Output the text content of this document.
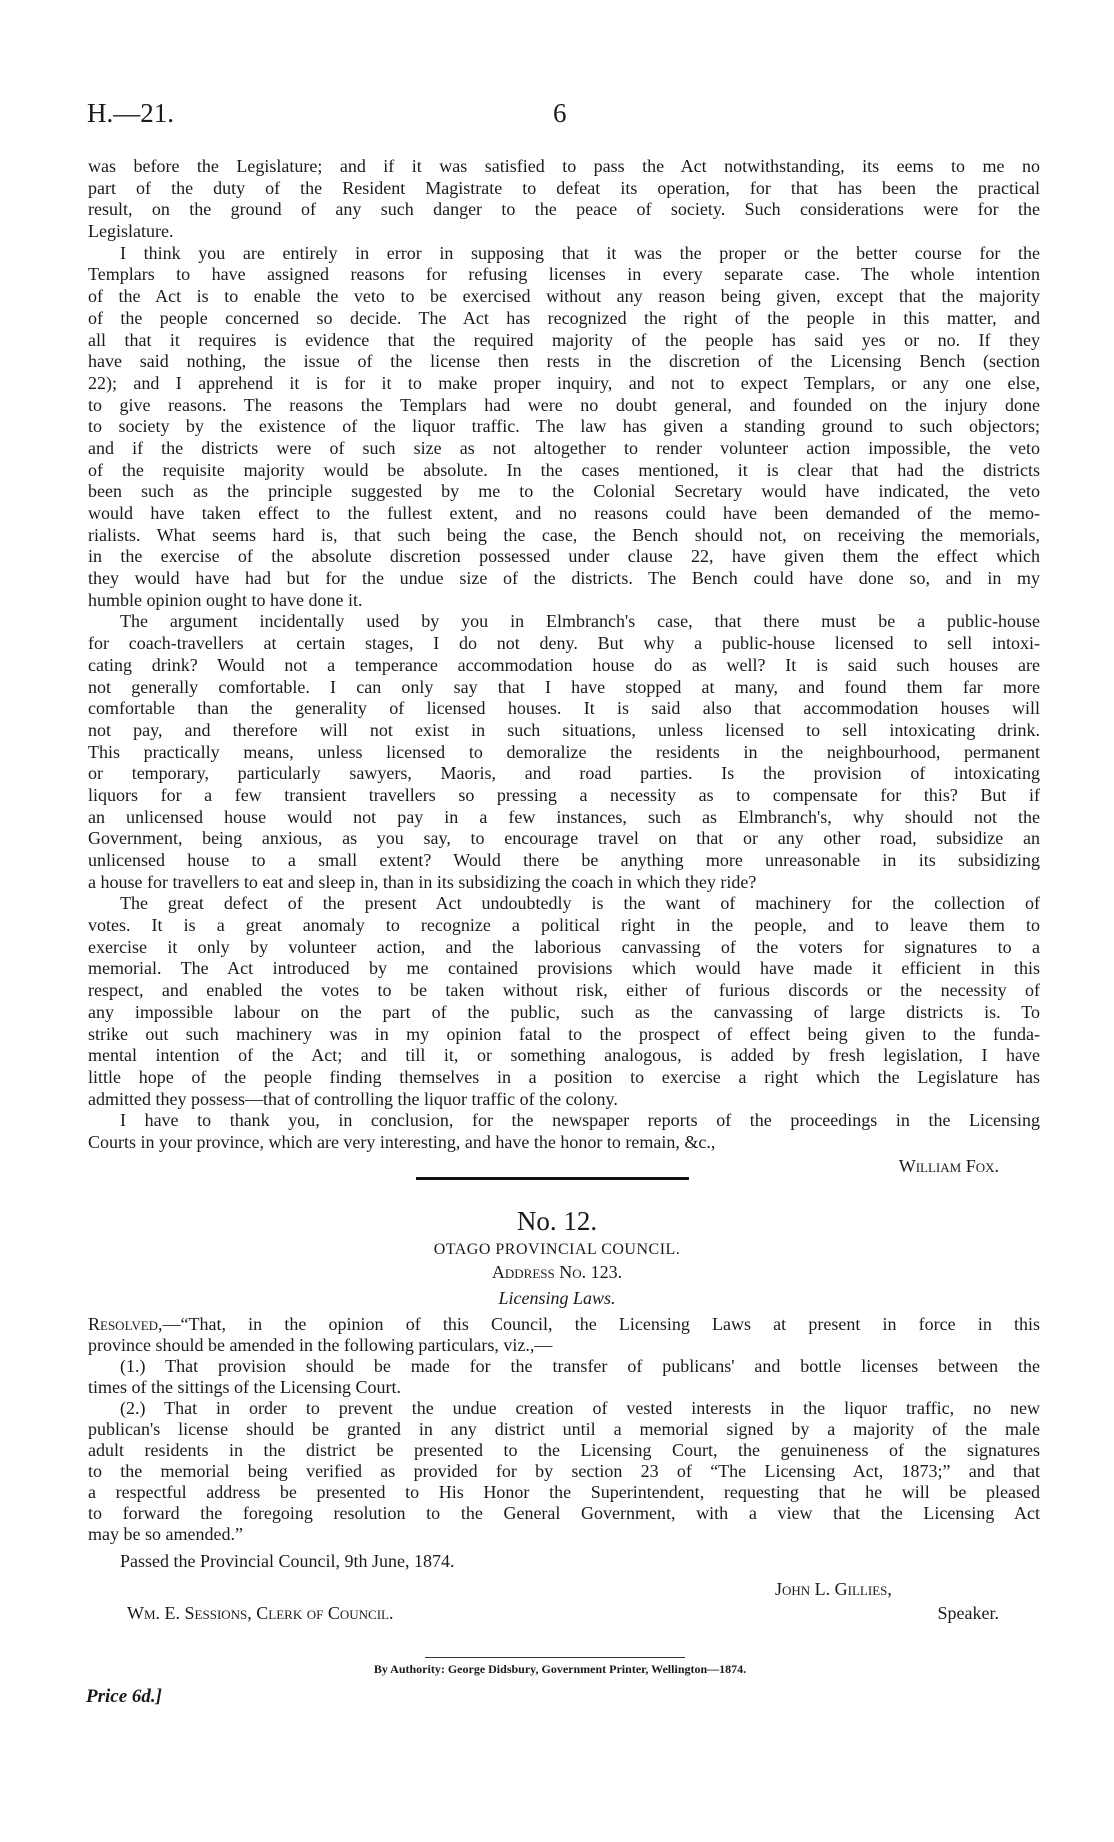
H.—21.	6
was before the Legislature; and if it was satisfied to pass the Act notwithstanding, its eems to me no
part of the duty of the Resident Magistrate to defeat its operation, for that has been the practical
result, on the ground of any such danger to the peace of society. Such considerations were for the
Legislature.
I think you are entirely in error in supposing that it was the proper or the better course for the
Templars to have assigned reasons for refusing licenses in every separate case. The whole intention
of the Act is to enable the veto to be exercised without any reason being given, except that the majority
of the people concerned so decide. The Act has recognized the right of the people in this matter, and
all that it requires is evidence that the required majority of the people has said yes or no. If they
have said nothing, the issue of the license then rests in the discretion of the Licensing Bench (section
22); and I apprehend it is for it to make proper inquiry, and not to expect Templars, or any one else,
to give reasons. The reasons the Templars had were no doubt general, and founded on the injury done
to society by the existence of the liquor traffic. The law has given a standing ground to such objectors;
and if the districts were of such size as not altogether to render volunteer action impossible, the veto
of the requisite majority would be absolute. In the cases mentioned, it is clear that had the districts
been such as the principle suggested by me to the Colonial Secretary would have indicated, the veto
would have taken effect to the fullest extent, and no reasons could have been demanded of the memo-
rialists. What seems hard is, that such being the case, the Bench should not, on receiving the memorials,
in the exercise of the absolute discretion possessed under clause 22, have given them the effect which
they would have had but for the undue size of the districts. The Bench could have done so, and in my
humble opinion ought to have done it.
The argument incidentally used by you in Elmbranch's case, that there must be a public-house
for coach-travellers at certain stages, I do not deny. But why a public-house licensed to sell intoxi-
cating drink? Would not a temperance accommodation house do as well? It is said such houses are
not generally comfortable. I can only say that I have stopped at many, and found them far more
comfortable than the generality of licensed houses. It is said also that accommodation houses will
not pay, and therefore will not exist in such situations, unless licensed to sell intoxicating drink.
This practically means, unless licensed to demoralize the residents in the neighbourhood, permanent
or temporary, particularly sawyers, Maoris, and road parties. Is the provision of intoxicating
liquors for a few transient travellers so pressing a necessity as to compensate for this? But if
an unlicensed house would not pay in a few instances, such as Elmbranch's, why should not the
Government, being anxious, as you say, to encourage travel on that or any other road, subsidize an
unlicensed house to a small extent? Would there be anything more unreasonable in its subsidizing
a house for travellers to eat and sleep in, than in its subsidizing the coach in which they ride?
The great defect of the present Act undoubtedly is the want of machinery for the collection of
votes. It is a great anomaly to recognize a political right in the people, and to leave them to
exercise it only by volunteer action, and the laborious canvassing of the voters for signatures to a
memorial. The Act introduced by me contained provisions which would have made it efficient in this
respect, and enabled the votes to be taken without risk, either of furious discords or the necessity of
any impossible labour on the part of the public, such as the canvassing of large districts is. To
strike out such machinery was in my opinion fatal to the prospect of effect being given to the funda-
mental intention of the Act; and till it, or something analogous, is added by fresh legislation, I have
little hope of the people finding themselves in a position to exercise a right which the Legislature has
admitted they possess—that of controlling the liquor traffic of the colony.
I have to thank you, in conclusion, for the newspaper reports of the proceedings in the Licensing
Courts in your province, which are very interesting, and have the honor to remain, &c.,
William Fox.
No. 12.
OTAGO PROVINCIAL COUNCIL.
Address No. 123.
Licensing Laws.
Resolved,—“That, in the opinion of this Council, the Licensing Laws at present in force in this
province should be amended in the following particulars, viz.,—
(1.) That provision should be made for the transfer of publicans' and bottle licenses between the
times of the sittings of the Licensing Court.
(2.) That in order to prevent the undue creation of vested interests in the liquor traffic, no new
publican's license should be granted in any district until a memorial signed by a majority of the male
adult residents in the district be presented to the Licensing Court, the genuineness of the signatures
to the memorial being verified as provided for by section 23 of “The Licensing Act, 1873;” and that
a respectful address be presented to His Honor the Superintendent, requesting that he will be pleased
to forward the foregoing resolution to the General Government, with a view that the Licensing Act
may be so amended.”
Passed the Provincial Council, 9th June, 1874.
John L. Gillies,
Speaker.
Wm. E. Sessions, Clerk of Council.
By Authority: George Didsbury, Government Printer, Wellington—1874.
Price 6d.]
